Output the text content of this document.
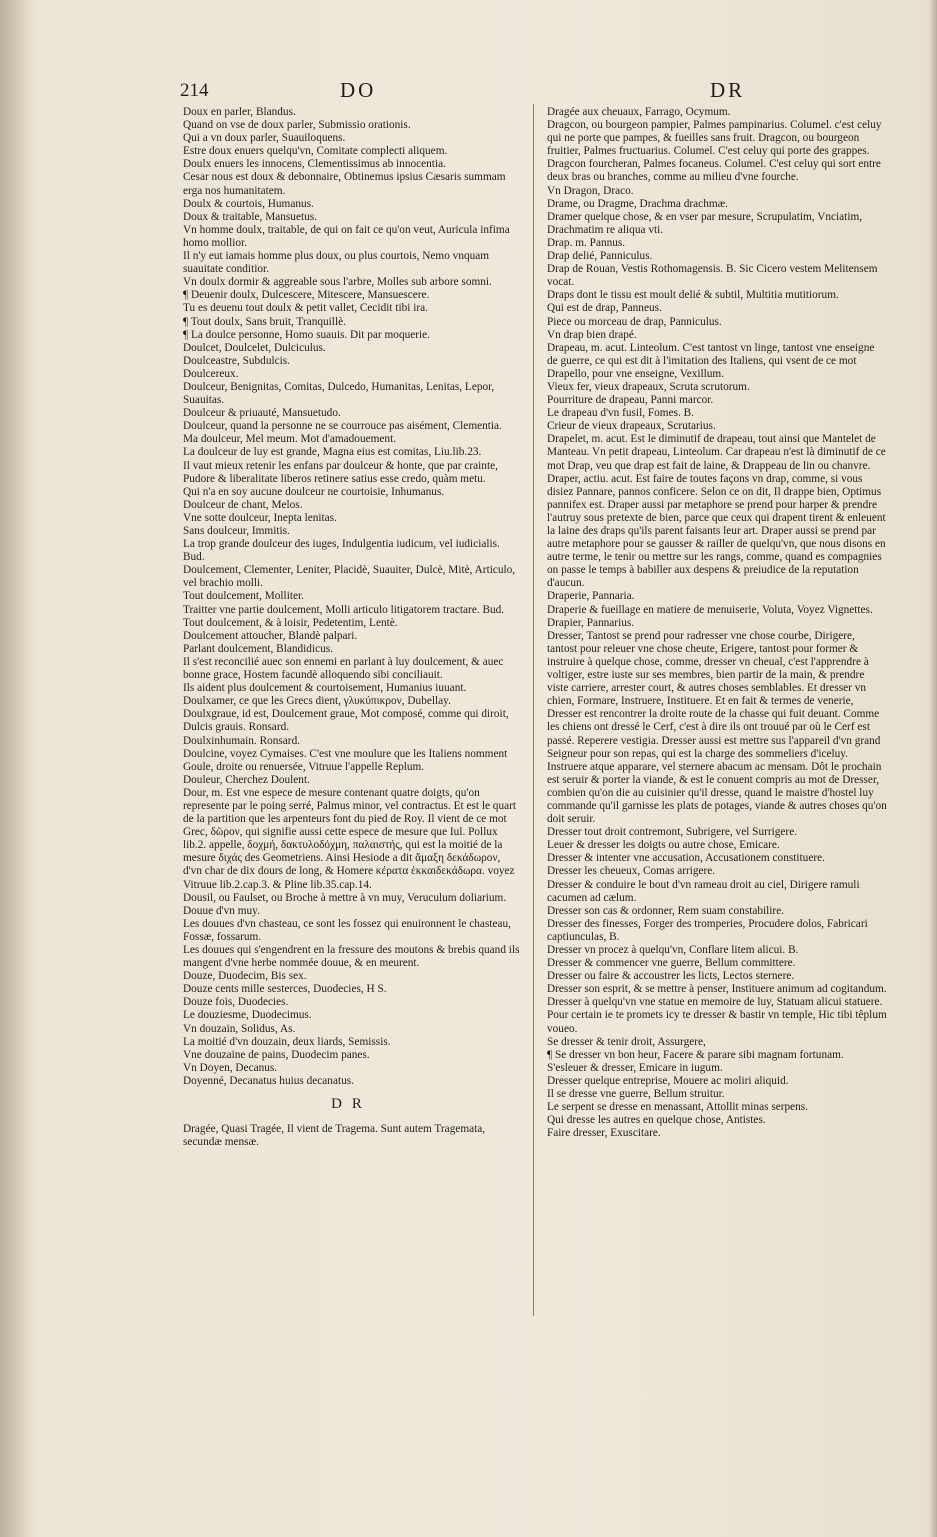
214	DO	DR

Doux en parler, Blandus.

Quand on vse de doux parler, Submissio orationis.

Qui a vn doux parler, Suauiloquens.

Estre doux enuers quelqu'vn, Comitate complecti aliquem.

Doulx enuers les innocens, Clementissimus ab innocentia.

Cesar nous est doux & debonnaire, Obtinemus ipsius Cæsaris summam erga nos humanitatem.

Doulx & courtois, Humanus.

Doux & traitable, Mansuetus.

Vn homme doulx, traitable, de qui on fait ce qu'on veut, Auricula infima homo mollior.

Il n'y eut iamais homme plus doux, ou plus courtois, Nemo vnquam suauitate conditior.

Vn doulx dormir & aggreable sous l'arbre, Molles sub arbore somni.

¶ Deuenir doulx, Dulcescere, Mitescere, Mansuescere.

Tu es deuenu tout doulx & petit vallet, Cecidit tibi ira.

¶ Tout doulx, Sans bruit, Tranquillè.

¶ La doulce personne, Homo suauis. Dit par moquerie.

Doulcet, Doulcelet, Dulciculus.

Doulceastre, Subdulcis.

Doulcereux.

Doulceur, Benignitas, Comitas, Dulcedo, Humanitas, Lenitas, Lepor, Suauitas.

Doulceur & priuauté, Mansuetudo.

Doulceur, quand la personne ne se courrouce pas aisément, Clementia.

Ma doulceur, Mel meum. Mot d'amadouement.

La doulceur de luy est grande, Magna eius est comitas, Liu.lib.23.

Il vaut mieux retenir les enfans par doulceur & honte, que par crainte, Pudore & liberalitate liberos retinere satius esse credo, quàm metu.

Qui n'a en soy aucune doulceur ne courtoisie, Inhumanus.

Doulceur de chant, Melos.

Vne sotte doulceur, Inepta lenitas.

Sans doulceur, Immitis.

La trop grande doulceur des iuges, Indulgentia iudicum, vel iudicialis. Bud.

Doulcement, Clementer, Leniter, Placidè, Suauiter, Dulcè, Mitè, Articulo, vel brachio molli.

Tout doulcement, Molliter.

Traitter vne partie doulcement, Molli articulo litigatorem tractare. Bud.

Tout doulcement, & à loisir, Pedetentim, Lentè.

Doulcement attoucher, Blandè palpari.

Parlant doulcement, Blandidicus.

Il s'est reconcilié auec son ennemi en parlant à luy doulcement, & auec bonne grace, Hostem facundè alloquendo sibi conciliauit.

Ils aident plus doulcement & courtoisement, Humanius iuuant.

Doulxamer, ce que les Grecs dient, γλυκύπικρον, Dubellay.

Doulxgraue, id est, Doulcement graue, Mot composé, comme qui diroit, Dulcis grauis. Ronsard.

Doulxinhumain. Ronsard.

Doulcine, voyez Cymaises. C'est vne moulure que les Italiens nomment Goule, droite ou renuersée, Vitruue l'appelle Replum.

Douleur, Cherchez Doulent.

Dour, m. Est vne espece de mesure contenant quatre doigts, qu'on represente par le poing serré, Palmus minor, vel contractus. Et est le quart de la partition que les arpenteurs font du pied de Roy. Il vient de ce mot Grec, δῶρον, qui signifie aussi cette espece de mesure que Iul. Pollux lib.2. appelle, δοχμή, δακτυλοδόχμη, παλαιστής, qui est la moitié de la mesure διχάς des Geometriens. Ainsi Hesiode a dit ἄμαξη δεκάδωρον, d'vn char de dix dours de long, & Homere κέρατα ἑκκαιδεκάδωρα. voyez Vitruue lib.2.cap.3. & Pline lib.35.cap.14.

Dousil, ou Faulset, ou Broche à mettre à vn muy, Veruculum doliarium.

Douue d'vn muy.

Les douues d'vn chasteau, ce sont les fossez qui enuironnent le chasteau, Fossæ, fossarum.

Les douues qui s'engendrent en la fressure des moutons & brebis quand ils mangent d'vne herbe nommée douue, & en meurent.

Douze, Duodecim, Bis sex.

Douze cents mille sesterces, Duodecies, H S.

Douze fois, Duodecies.

Le douziesme, Duodecimus.

Vn douzain, Solidus, As.

La moitié d'vn douzain, deux liards, Semissis.

Vne douzaine de pains, Duodecim panes.

Vn Doyen, Decanus.

Doyenné, Decanatus huius decanatus.

DR

Dragée, Quasi Tragée, Il vient de Tragema. Sunt autem Tragemata, secundæ mensæ.

Dragée aux cheuaux, Farrago, Ocymum.

Dragcon, ou bourgeon pampier, Palmes pampinarius. Columel. c'est celuy qui ne porte que pampes, & fueilles sans fruit. Dragcon, ou bourgeon fruitier, Palmes fructuarius. Columel. C'est celuy qui porte des grappes. Dragcon fourcheran, Palmes focaneus. Columel. C'est celuy qui sort entre deux bras ou branches, comme au milieu d'vne fourche.

Vn Dragon, Draco.

Drame, ou Dragme, Drachma drachmæ.

Dramer quelque chose, & en vser par mesure, Scrupulatim, Vnciatim, Drachmatim re aliqua vti.

Drap. m. Pannus.

Drap delié, Panniculus.

Drap de Rouan, Vestis Rothomagensis. B. Sic Cicero vestem Melitensem vocat.

Draps dont le tissu est moult delié & subtil, Multitia mutitiorum.

Qui est de drap, Panneus.

Piece ou morceau de drap, Panniculus.

Vn drap bien drapé.

Drapeau, m. acut. Linteolum. C'est tantost vn linge, tantost vne enseigne de guerre, ce qui est dit à l'imitation des Italiens, qui vsent de ce mot Drapello, pour vne enseigne, Vexillum.

Vieux fer, vieux drapeaux, Scruta scrutorum.

Pourriture de drapeau, Panni marcor.

Le drapeau d'vn fusil, Fomes. B.

Crieur de vieux drapeaux, Scrutarius.

Drapelet, m. acut. Est le diminutif de drapeau, tout ainsi que Mantelet de Manteau. Vn petit drapeau, Linteolum. Car drapeau n'est là diminutif de ce mot Drap, veu que drap est fait de laine, & Drappeau de lin ou chanvre.

Draper, actiu. acut. Est faire de toutes façons vn drap, comme, si vous disiez Pannare, pannos conficere. Selon ce on dit, Il drappe bien, Optimus pannifex est. Draper aussi par metaphore se prend pour harper & prendre l'autruy sous pretexte de bien, parce que ceux qui drapent tirent & enleuent la laine des draps qu'ils parent faisants leur art. Draper aussi se prend par autre metaphore pour se gausser & railler de quelqu'vn, que nous disons en autre terme, le tenir ou mettre sur les rangs, comme, quand es compagnies on passe le temps à babiller aux despens & preiudice de la reputation d'aucun.

Draperie, Pannaria.

Draperie & fueillage en matiere de menuiserie, Voluta, Voyez Vignettes.

Drapier, Pannarius.

Dresser, Tantost se prend pour radresser vne chose courbe, Dirigere, tantost pour releuer vne chose cheute, Erigere, tantost pour former & instruire à quelque chose, comme, dresser vn cheual, c'est l'apprendre à voltiger, estre iuste sur ses membres, bien partir de la main, & prendre viste carriere, arrester court, & autres choses semblables. Et dresser vn chien, Formare, Instruere, Instituere. Et en fait & termes de venerie, Dresser est rencontrer la droite route de la chasse qui fuit deuant. Comme les chiens ont dressé le Cerf, c'est à dire ils ont trouué par où le Cerf est passé. Reperere vestigia. Dresser aussi est mettre sus l'appareil d'vn grand Seigneur pour son repas, qui est la charge des sommeliers d'iceluy. Instruere atque apparare, vel sternere abacum ac mensam. Dôt le prochain est seruir & porter la viande, & est le conuent compris au mot de Dresser, combien qu'on die au cuisinier qu'il dresse, quand le maistre d'hostel luy commande qu'il garnisse les plats de potages, viande & autres choses qu'on doit seruir.

Dresser tout droit contremont, Subrigere, vel Surrigere.

Leuer & dresser les doigts ou autre chose, Emicare.

Dresser & intenter vne accusation, Accusationem constituere.

Dresser les cheueux, Comas arrigere.

Dresser & conduire le bout d'vn rameau droit au ciel, Dirigere ramuli cacumen ad cælum.

Dresser son cas & ordonner, Rem suam constabilire.

Dresser des finesses, Forger des tromperies, Procudere dolos, Fabricari captiunculas, B.

Dresser vn procez à quelqu'vn, Conflare litem alicui. B.

Dresser & commencer vne guerre, Bellum committere.

Dresser ou faire & accoustrer les licts, Lectos sternere.

Dresser son esprit, & se mettre à penser, Instituere animum ad cogitandum.

Dresser à quelqu'vn vne statue en memoire de luy, Statuam alicui statuere.

Pour certain ie te promets icy te dresser & bastir vn temple, Hic tibi têplum voueo.

Se dresser & tenir droit, Assurgere,

¶ Se dresser vn bon heur, Facere & parare sibi magnam fortunam.

S'esleuer & dresser, Emicare in iugum.

Dresser quelque entreprise, Mouere ac moliri aliquid.

Il se dresse vne guerre, Bellum struitur.

Le serpent se dresse en menassant, Attollit minas serpens.

Qui dresse les autres en quelque chose, Antistes.

Faire dresser, Exuscitare.
